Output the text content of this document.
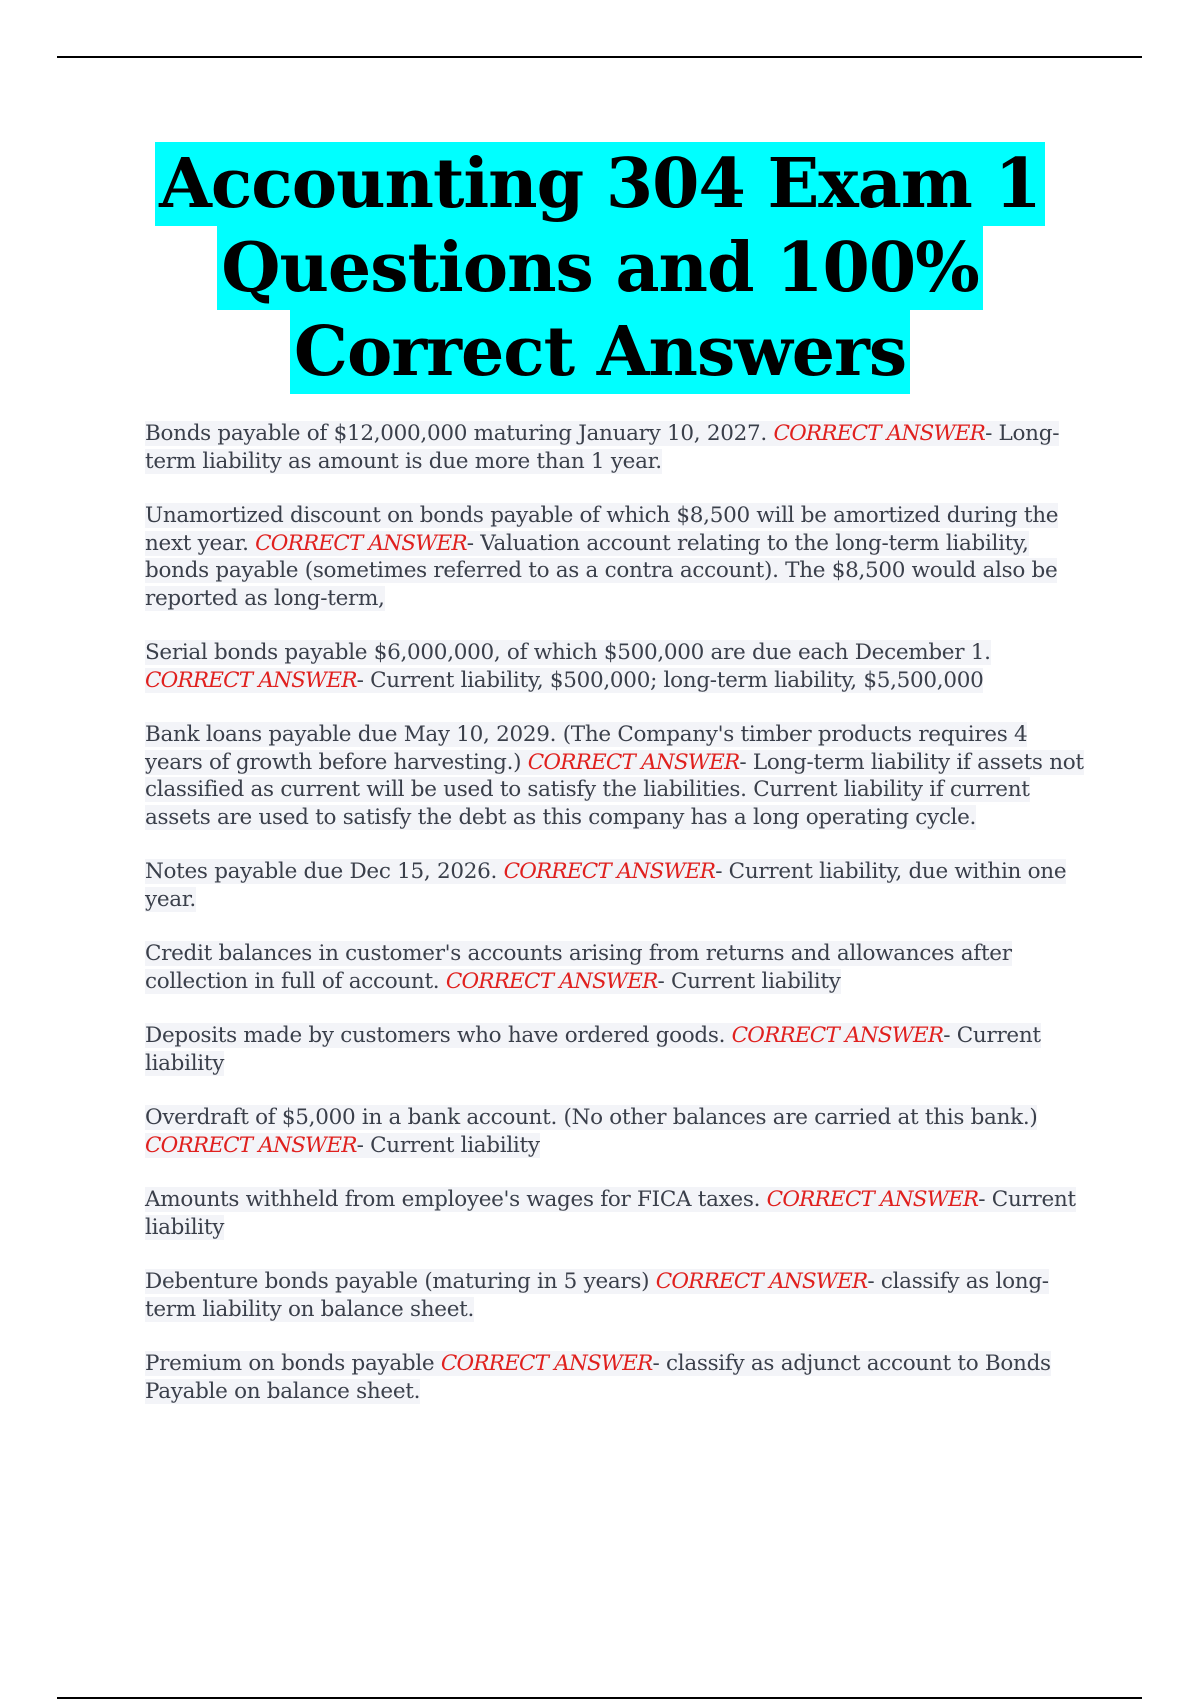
Accounting 304 Exam 1
Questions and 100%
Correct Answers

Bonds payable of $12,000,000 maturing January 10, 2027. CORRECT ANSWER- Long-term liability as amount is due more than 1 year.

Unamortized discount on bonds payable of which $8,500 will be amortized during the next year. CORRECT ANSWER- Valuation account relating to the long-term liability, bonds payable (sometimes referred to as a contra account). The $8,500 would also be reported as long-term,

Serial bonds payable $6,000,000, of which $500,000 are due each December 1. CORRECT ANSWER- Current liability, $500,000; long-term liability, $5,500,000

Bank loans payable due May 10, 2029. (The Company's timber products requires 4 years of growth before harvesting.) CORRECT ANSWER- Long-term liability if assets not classified as current will be used to satisfy the liabilities. Current liability if current assets are used to satisfy the debt as this company has a long operating cycle.

Notes payable due Dec 15, 2026. CORRECT ANSWER- Current liability, due within one year.

Credit balances in customer's accounts arising from returns and allowances after collection in full of account. CORRECT ANSWER- Current liability

Deposits made by customers who have ordered goods. CORRECT ANSWER- Current liability

Overdraft of $5,000 in a bank account. (No other balances are carried at this bank.) CORRECT ANSWER- Current liability

Amounts withheld from employee's wages for FICA taxes. CORRECT ANSWER- Current liability

Debenture bonds payable (maturing in 5 years) CORRECT ANSWER- classify as long-term liability on balance sheet.

Premium on bonds payable CORRECT ANSWER- classify as adjunct account to Bonds Payable on balance sheet.
